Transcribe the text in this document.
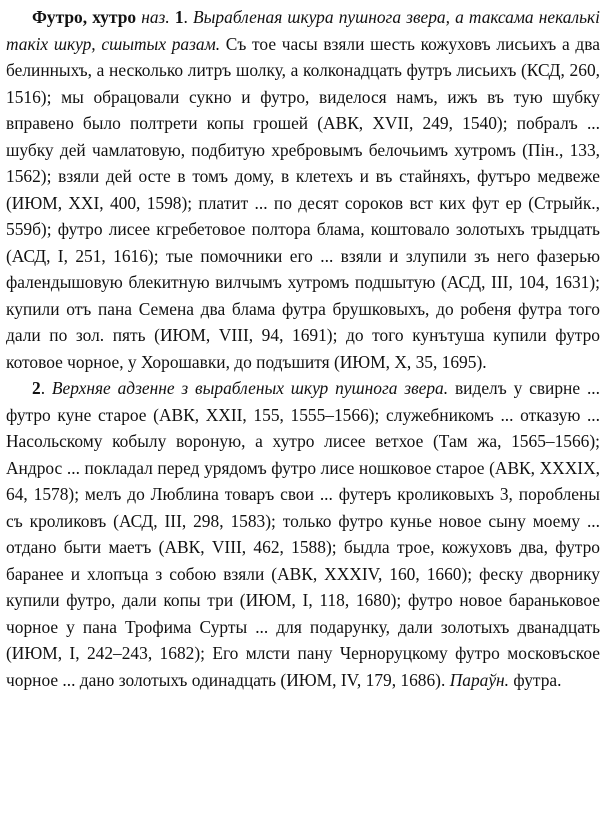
Футро, хутро наз. 1. Вырабленая шкура пушнога звера, а таксама некалькі такіх шкур, сшытых разам. Съ тое часы взяли шесть кожуховъ лисьихъ а два белинныхъ, а несколько литръ шолку, а колконадцать футръ лисьихъ (КСД, 260, 1516); мы обрацовали сукно и футро, виделося намъ, ижъ въ тую шубку вправено было полтрети копы грошей (АВК, XVII, 249, 1540); побралъ ... шубку дей чамлатовую, подбитую хребровымъ белочьимъ хутромъ (Пін., 133, 1562); взяли дей осте в томъ дому, в клетехъ и въ стайняхъ, футъро медвеже (ИЮМ, XXI, 400, 1598); платит ... по десят сороков вст ких фут ер (Стрыйк., 559б); футро лисее кгребетовое полтора блама, коштовало золотыхъ трыдцать (АСД, I, 251, 1616); тые помочники его ... взяли и злупили зъ него фазерью фалендышовую блекитную вилчымъ хутромъ подшытую (АСД, III, 104, 1631); купили отъ пана Семена два блама футра брушковыхъ, до робеня футра того дали по зол. пять (ИЮМ, VIII, 94, 1691); до того кунътуша купили футро котовое чорное, у Хорошавки, до подъшитя (ИЮМ, X, 35, 1695).

2. Верхняе адзенне з вырабленых шкур пушнога звера. виделъ у свирне ... футро куне старое (АВК, XXII, 155, 1555–1566); служебникомъ ... отказую ... Насольскому кобылу вороную, а хутро лисее ветхое (Там жа, 1565–1566); Андрос ... покладал перед урядомъ футро лисе ношковое старое (АВК, XXXIX, 64, 1578); мелъ до Люблина товаръ свои ... футеръ кроликовыхъ 3, пороблены съ кроликовъ (АСД, III, 298, 1583); только футро куньe новое сыну моему ... отдано быти маетъ (АВК, VIII, 462, 1588); быдла трое, кожуховъ два, футро баранее и хлопъца з собою взяли (АВК, XXXIV, 160, 1660); феску дворнику купили футро, дали копы три (ИЮМ, I, 118, 1680); футро новое бараньковое чорное у пана Трофима Сурты ... для подарунку, дали золотыхъ дванадцать (ИЮМ, I, 242–243, 1682); Его млсти пану Черноруцкому футро московъское чорное ... дано золотыхъ одинадцать (ИЮМ, IV, 179, 1686). Параўн. футра.
